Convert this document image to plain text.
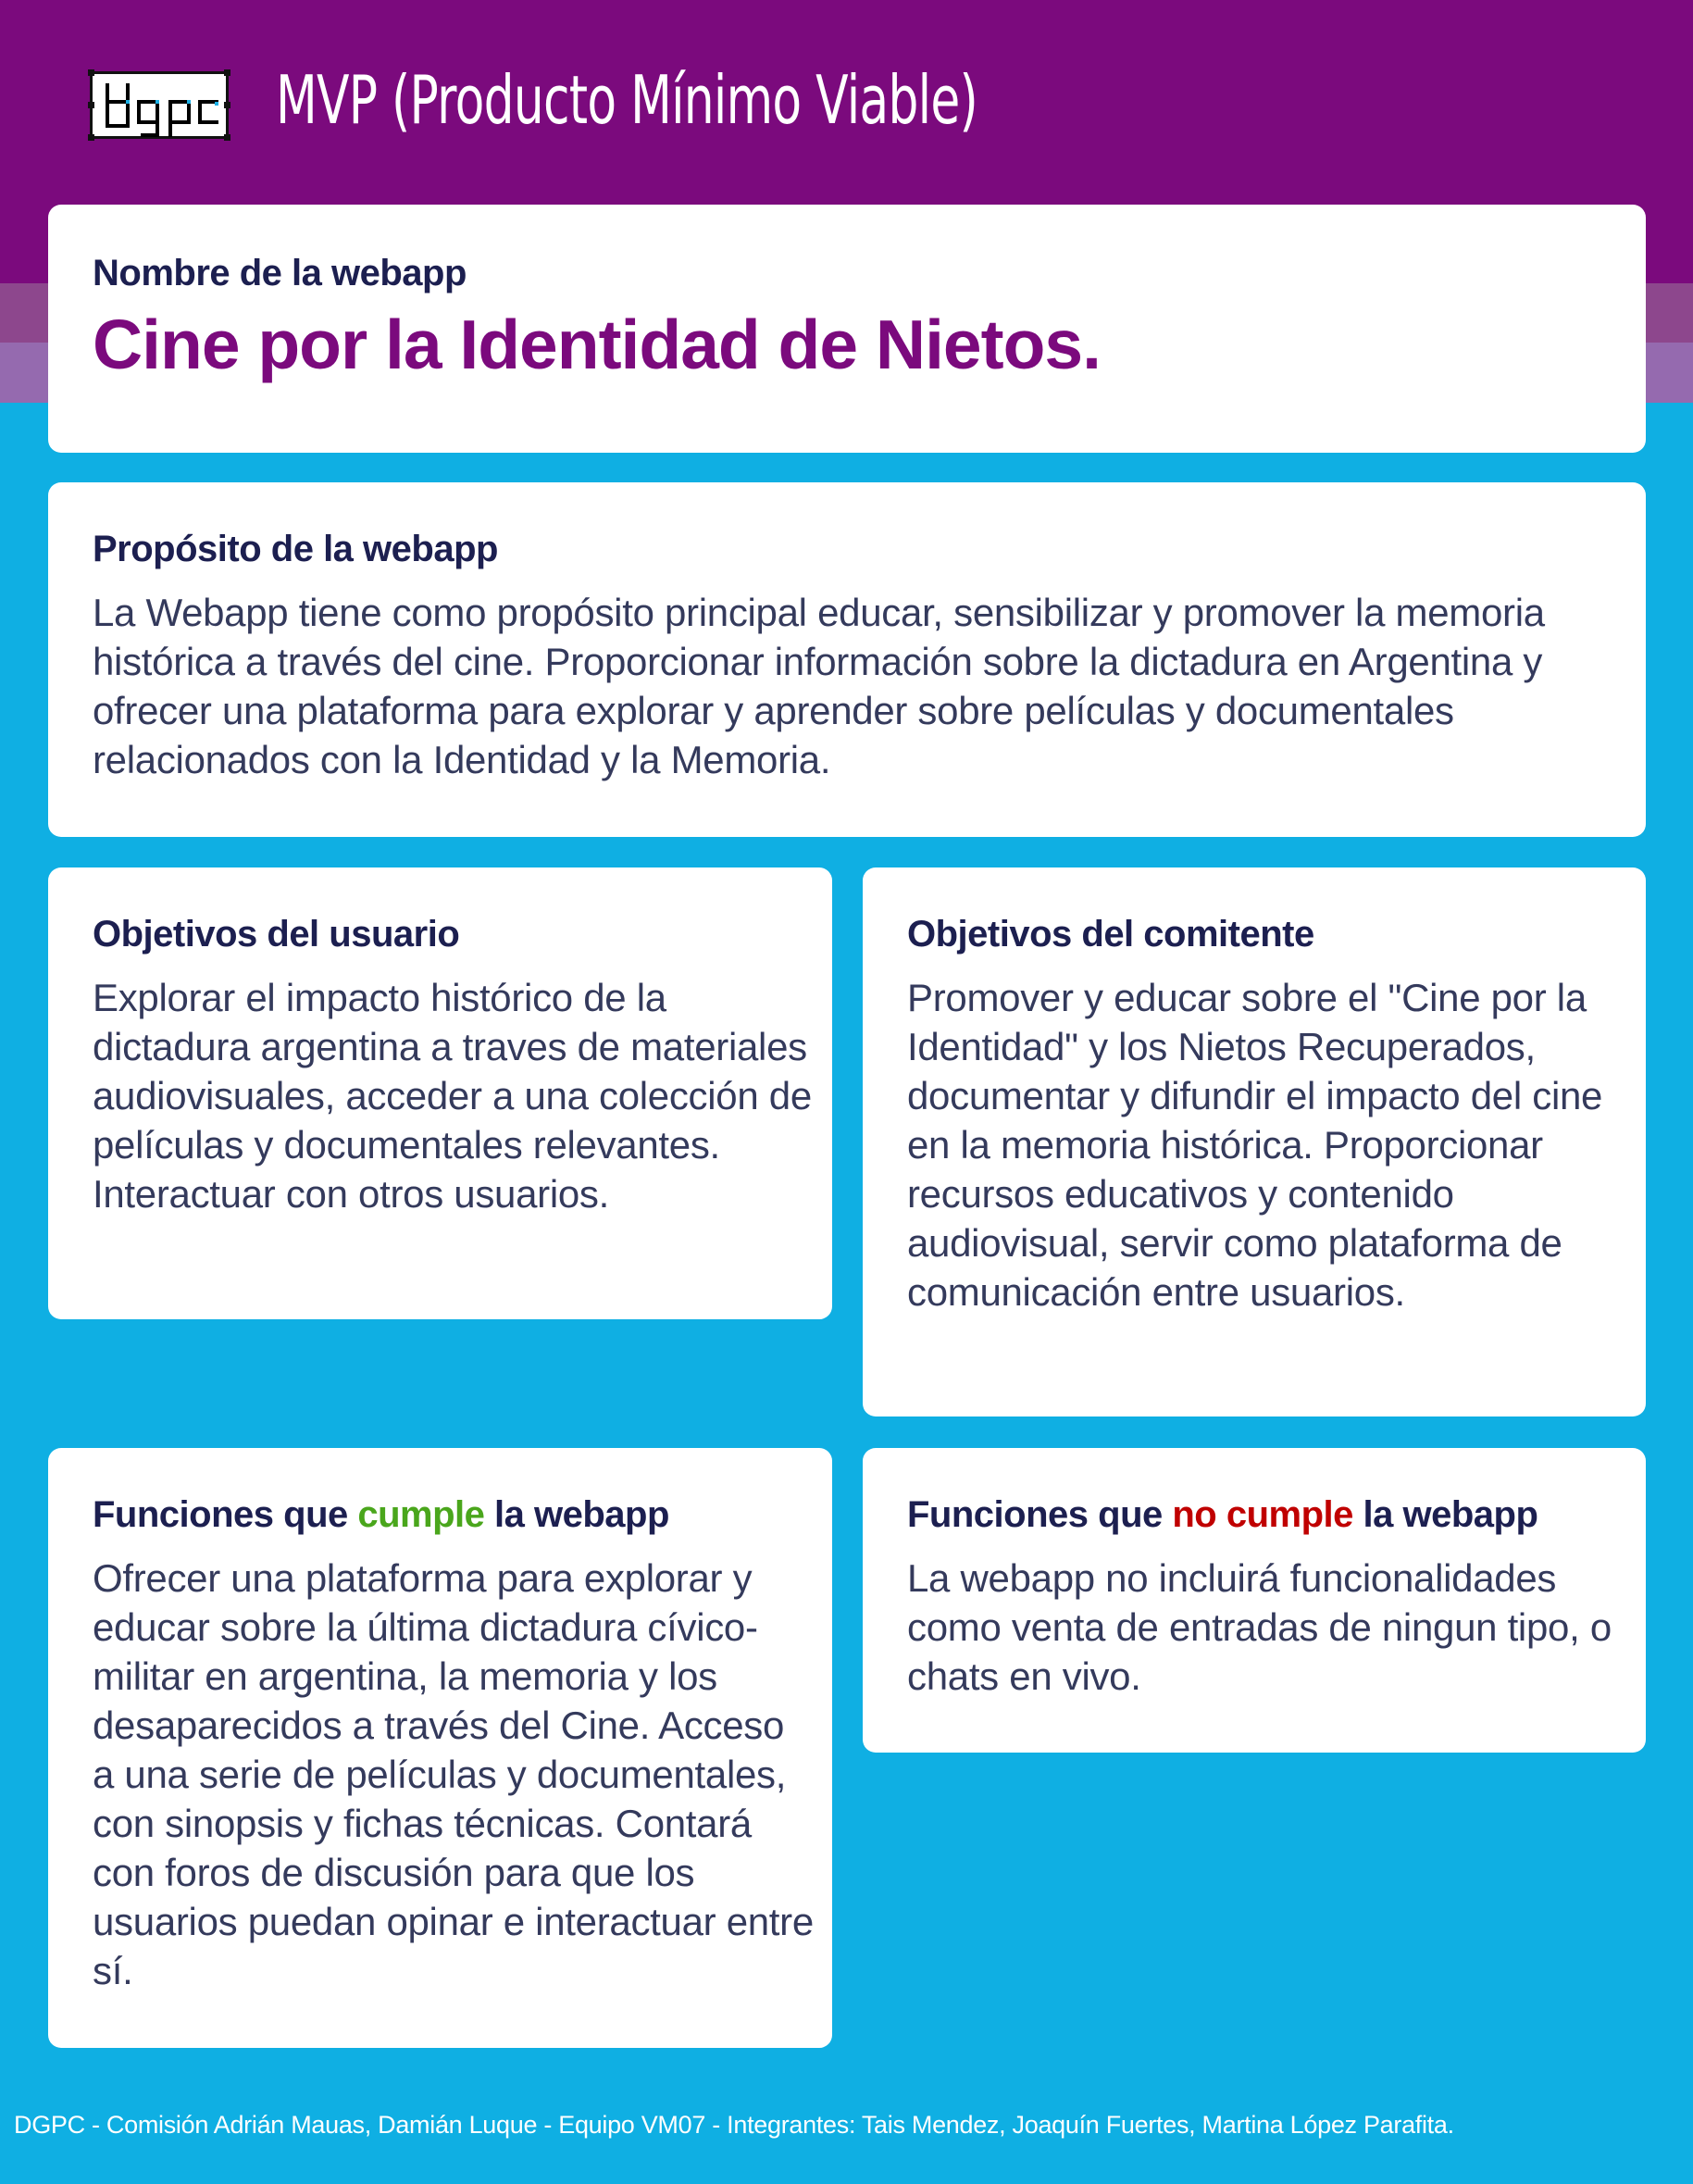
MVP (Producto Mínimo Viable)
Nombre de la webapp
Cine por la Identidad de Nietos.
Propósito de la webapp
La Webapp tiene como propósito principal educar, sensibilizar y promover la memoria histórica a través del cine. Proporcionar información sobre la dictadura en Argentina y ofrecer una plataforma para explorar y aprender sobre películas y documentales relacionados con la Identidad y la Memoria.
Objetivos del usuario
Explorar el impacto histórico de la dictadura argentina a traves de materiales audiovisuales, acceder a una colección de películas y documentales relevantes. Interactuar con otros usuarios.
Objetivos del comitente
Promover y educar sobre el "Cine por la Identidad" y los Nietos Recuperados, documentar y difundir el impacto del cine en la memoria histórica. Proporcionar recursos educativos y contenido audiovisual, servir como plataforma de comunicación entre usuarios.
Funciones que cumple la webapp
Ofrecer una plataforma para explorar y educar sobre la última dictadura cívico-militar en argentina, la memoria y los desaparecidos a través del Cine. Acceso a una serie de películas y documentales, con sinopsis y fichas técnicas. Contará con foros de discusión para que los usuarios puedan opinar e interactuar entre sí.
Funciones que no cumple la webapp
La webapp no incluirá funcionalidades como venta de entradas de ningun tipo, o chats en vivo.
DGPC - Comisión Adrián Mauas, Damián Luque - Equipo VM07 - Integrantes: Tais Mendez, Joaquín Fuertes, Martina López Parafita.
